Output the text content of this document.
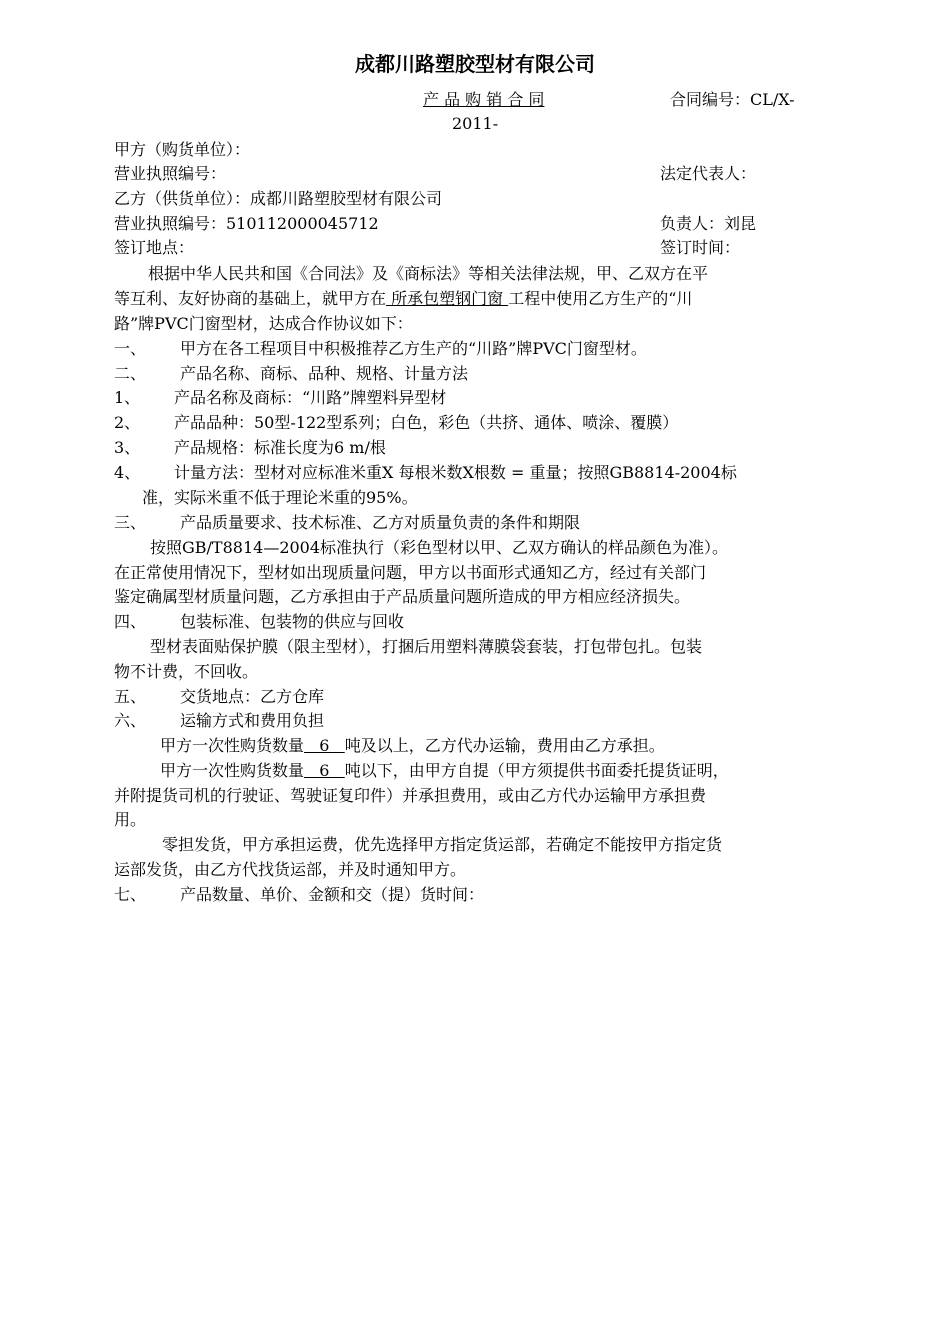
成都川路塑胶型材有限公司
产 品 购 销 合 同	合同编号：CL/X-
2011-
甲方（购货单位）：
营业执照编号：	法定代表人：
乙方（供货单位）：成都川路塑胶型材有限公司
营业执照编号：510112000045712	负责人：刘昆
签订地点：	签订时间：
根据中华人民共和国《合同法》及《商标法》等相关法律法规，甲、乙双方在平
等互利、友好协商的基础上，就甲方在 所承包塑钢门窗 工程中使用乙方生产的“川
路”牌PVC门窗型材，达成合作协议如下：
一、 甲方在各工程项目中积极推荐乙方生产的“川路”牌PVC门窗型材。
二、 产品名称、商标、品种、规格、计量方法
1、 产品名称及商标：“川路”牌塑料异型材
2、 产品品种：50型-122型系列；白色，彩色（共挤、通体、喷涂、覆膜）
3、 产品规格：标准长度为6 m/根
4、 计量方法：型材对应标准米重X 每根米数X根数 = 重量；按照GB8814-2004标
准，实际米重不低于理论米重的95%。
三、 产品质量要求、技术标准、乙方对质量负责的条件和期限
按照GB/T8814—2004标准执行（彩色型材以甲、乙双方确认的样品颜色为准）。
在正常使用情况下，型材如出现质量问题，甲方以书面形式通知乙方，经过有关部门
鉴定确属型材质量问题，乙方承担由于产品质量问题所造成的甲方相应经济损失。
四、 包装标准、包装物的供应与回收
型材表面贴保护膜（限主型材），打捆后用塑料薄膜袋套装，打包带包扎。包装
物不计费，不回收。
五、 交货地点：乙方仓库
六、 运输方式和费用负担
甲方一次性购货数量   6   吨及以上，乙方代办运输，费用由乙方承担。
甲方一次性购货数量   6   吨以下，由甲方自提（甲方须提供书面委托提货证明，
并附提货司机的行驶证、驾驶证复印件）并承担费用，或由乙方代办运输甲方承担费
用。
零担发货，甲方承担运费，优先选择甲方指定货运部，若确定不能按甲方指定货
运部发货，由乙方代找货运部，并及时通知甲方。
七、 产品数量、单价、金额和交（提）货时间：
